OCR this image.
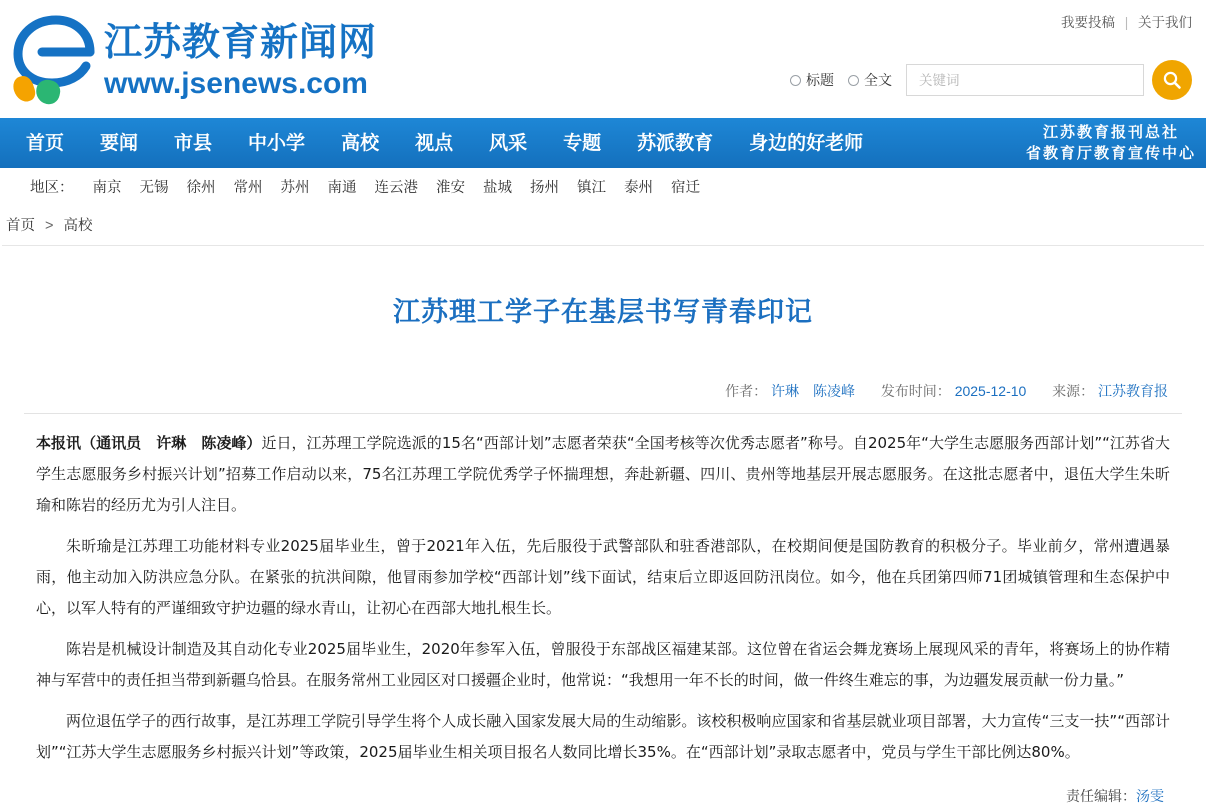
江苏教育新闻网
www.jsenews.com
我要投稿 | 关于我们
标题 全文
关键词
首页	要闻	市县	中小学	高校	视点	风采	专题	苏派教育	身边的好老师	江苏教育报刊总社
省教育厅教育宣传中心
地区： 南京 无锡 徐州 常州 苏州 南通 连云港 淮安 盐城 扬州 镇江 泰州 宿迁
首页 > 高校
江苏理工学子在基层书写青春印记
作者： 许琳　陈凌峰 发布时间： 2025-12-10 来源： 江苏教育报

本报讯（通讯员　许琳　陈凌峰）近日，江苏理工学院选派的15名“西部计划”志愿者荣获“全国考核等次优秀志愿者”称号。自2025年“大学生志愿服务西部计划”“江苏省大学生志愿服务乡村振兴计划”招募工作启动以来，75名江苏理工学院优秀学子怀揣理想，奔赴新疆、四川、贵州等地基层开展志愿服务。在这批志愿者中，退伍大学生朱昕瑜和陈岩的经历尤为引人注目。

朱昕瑜是江苏理工功能材料专业2025届毕业生，曾于2021年入伍，先后服役于武警部队和驻香港部队，在校期间便是国防教育的积极分子。毕业前夕，常州遭遇暴雨，他主动加入防洪应急分队。在紧张的抗洪间隙，他冒雨参加学校“西部计划”线下面试，结束后立即返回防汛岗位。如今，他在兵团第四师71团城镇管理和生态保护中心，以军人特有的严谨细致守护边疆的绿水青山，让初心在西部大地扎根生长。

陈岩是机械设计制造及其自动化专业2025届毕业生，2020年参军入伍，曾服役于东部战区福建某部。这位曾在省运会舞龙赛场上展现风采的青年，将赛场上的协作精神与军营中的责任担当带到新疆乌恰县。在服务常州工业园区对口援疆企业时，他常说：“我想用一年不长的时间，做一件终生难忘的事，为边疆发展贡献一份力量。”

两位退伍学子的西行故事，是江苏理工学院引导学生将个人成长融入国家发展大局的生动缩影。该校积极响应国家和省基层就业项目部署，大力宣传“三支一扶”“西部计划”“江苏大学生志愿服务乡村振兴计划”等政策，2025届毕业生相关项目报名人数同比增长35%。在“西部计划”录取志愿者中，党员与学生干部比例达80%。

责任编辑：汤雯
